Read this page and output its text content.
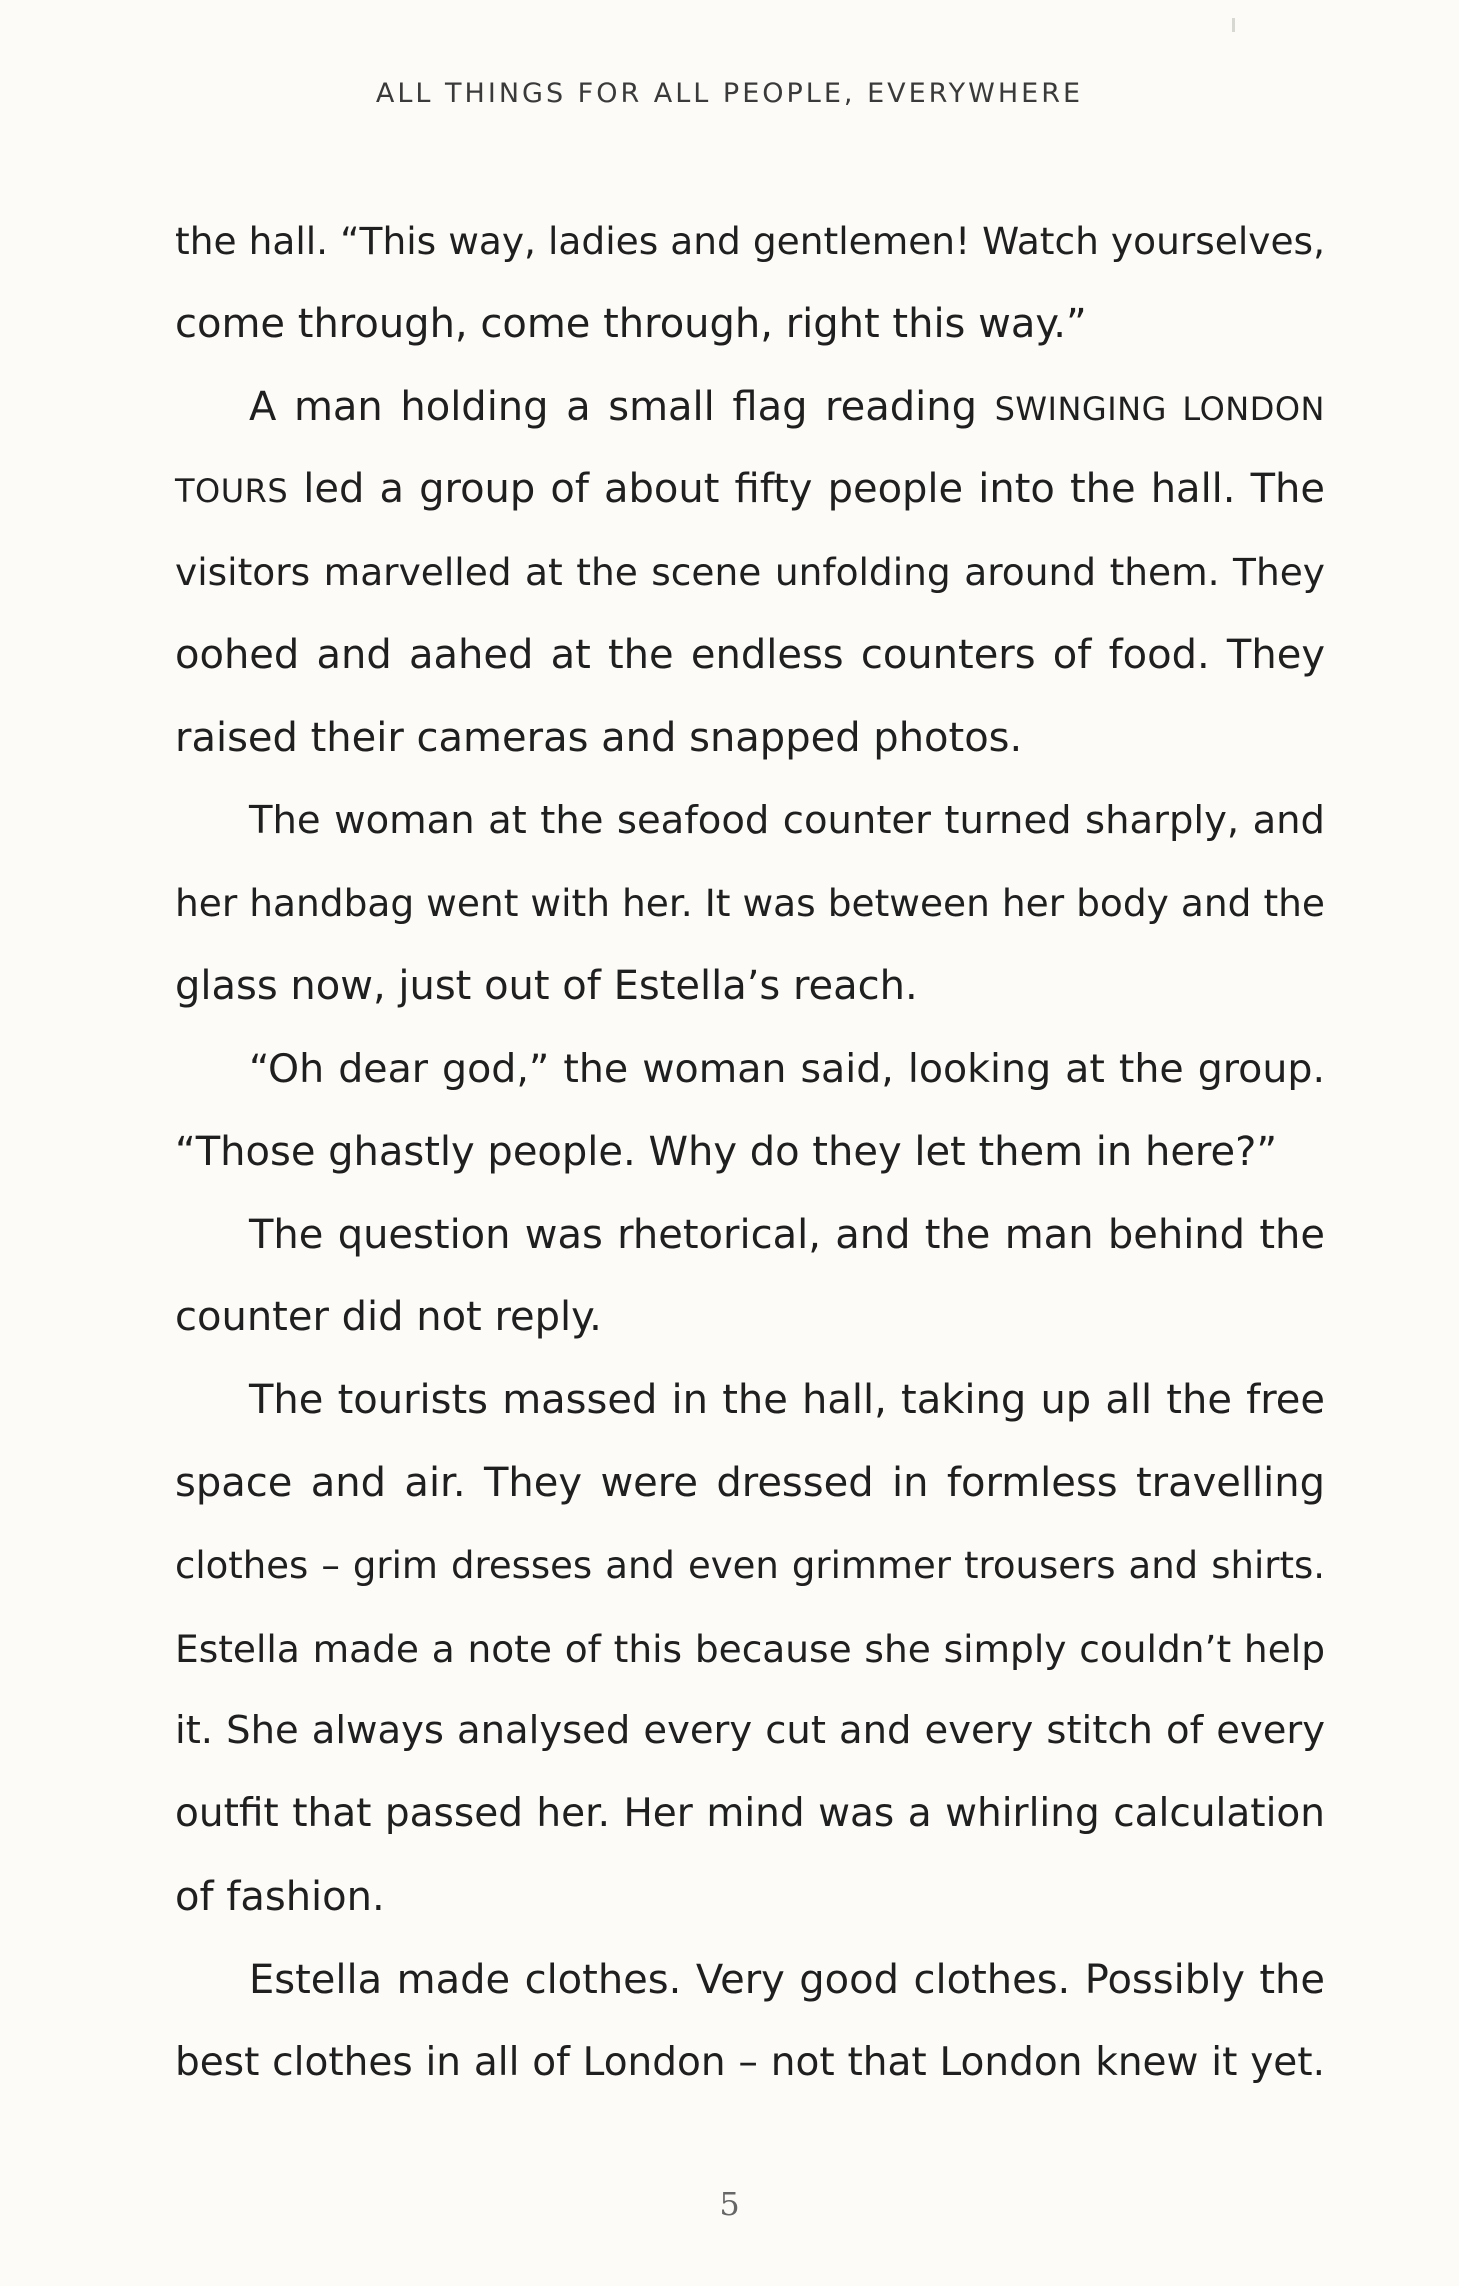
ALL THINGS FOR ALL PEOPLE, EVERYWHERE
the hall. “This way, ladies and gentlemen! Watch yourselves,
come through, come through, right this way.”
A man holding a small flag reading SWINGING LONDON
TOURS led a group of about fifty people into the hall. The
visitors marvelled at the scene unfolding around them. They
oohed and aahed at the endless counters of food. They
raised their cameras and snapped photos.
The woman at the seafood counter turned sharply, and
her handbag went with her. It was between her body and the
glass now, just out of Estella’s reach.
“Oh dear god,” the woman said, looking at the group.
“Those ghastly people. Why do they let them in here?”
The question was rhetorical, and the man behind the
counter did not reply.
The tourists massed in the hall, taking up all the free
space and air. They were dressed in formless travelling
clothes – grim dresses and even grimmer trousers and shirts.
Estella made a note of this because she simply couldn’t help
it. She always analysed every cut and every stitch of every
outfit that passed her. Her mind was a whirling calculation
of fashion.
Estella made clothes. Very good clothes. Possibly the
best clothes in all of London – not that London knew it yet.
5
